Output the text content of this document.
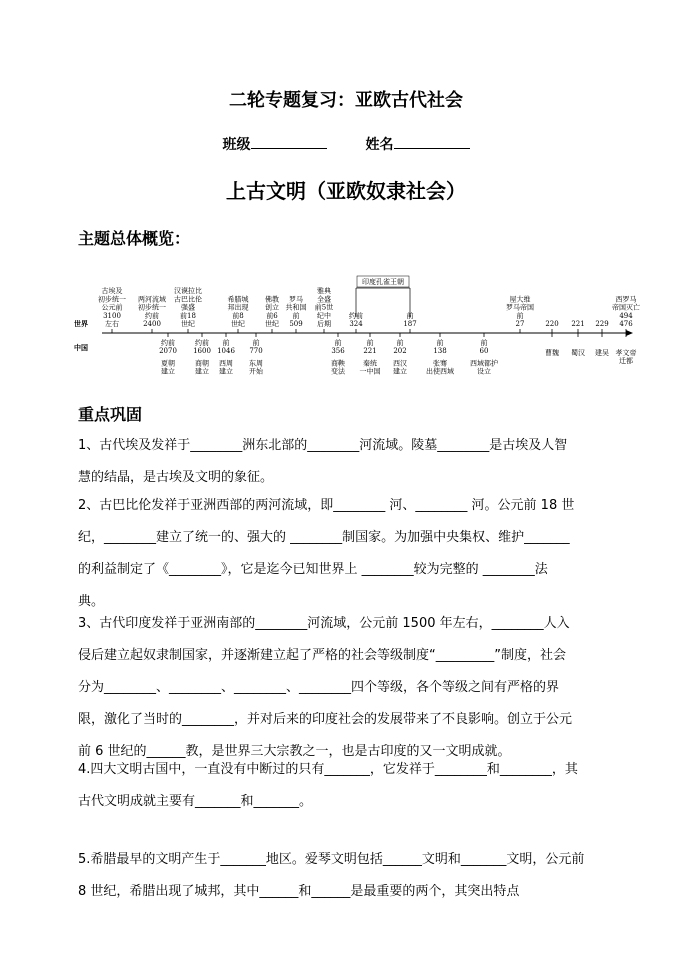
二轮专题复习：亚欧古代社会
班级	姓名
上古文明（亚欧奴隶社会）
主题总体概览：
世界
中国
古埃及
初步统一
公元前
3100
左右
两河流域
初步统一
约前
2400
汉谟拉比
古巴比伦
强盛
前18
世纪
希腊城
邦出现
前8
世纪
佛教
创立
前6
世纪
罗马
共和国
前
509
雅典
全盛
前5世
纪中
后期
约前
324
前
187
屋大维
罗马帝国
前
27	220 221 229
西罗马
帝国灭亡
494
476
约前
2070
夏朝
建立
约前
1600
商朝
建立
前
1046
西周
建立
前
770
东周
开始
前
356
商鞅
变法
前
221
秦统
一中国
前
202
西汉
建立
前
138
张骞
出使西域
前
60
西域都护
设立
曹魏 蜀汉 建吴 孝文帝
迁都
印度孔雀王朝
重点巩固
1、古代埃及发祥于________洲东北部的________河流域。陵墓________是古埃及人智
慧的结晶，是古埃及文明的象征。
2、古巴比伦发祥于亚洲西部的两河流域，即________ 河、________ 河。公元前 18 世
纪，________建立了统一的、强大的 ________制国家。为加强中央集权、维护_______
的利益制定了《________》，它是迄今已知世界上 ________较为完整的 ________法
典。
3、古代印度发祥于亚洲南部的________河流域，公元前 1500 年左右，________人入
侵后建立起奴隶制国家，并逐渐建立起了严格的社会等级制度“_________”制度，社会
分为________、________、________、________四个等级，各个等级之间有严格的界
限，激化了当时的________，并对后来的印度社会的发展带来了不良影响。创立于公元
前 6 世纪的______教，是世界三大宗教之一，也是古印度的又一文明成就。
4.四大文明古国中，一直没有中断过的只有_______，它发祥于________和________，其
古代文明成就主要有_______和_______。
5.希腊最早的文明产生于_______地区。爱琴文明包括______文明和_______文明，公元前
8 世纪，希腊出现了城邦，其中______和______是最重要的两个，其突出特点
